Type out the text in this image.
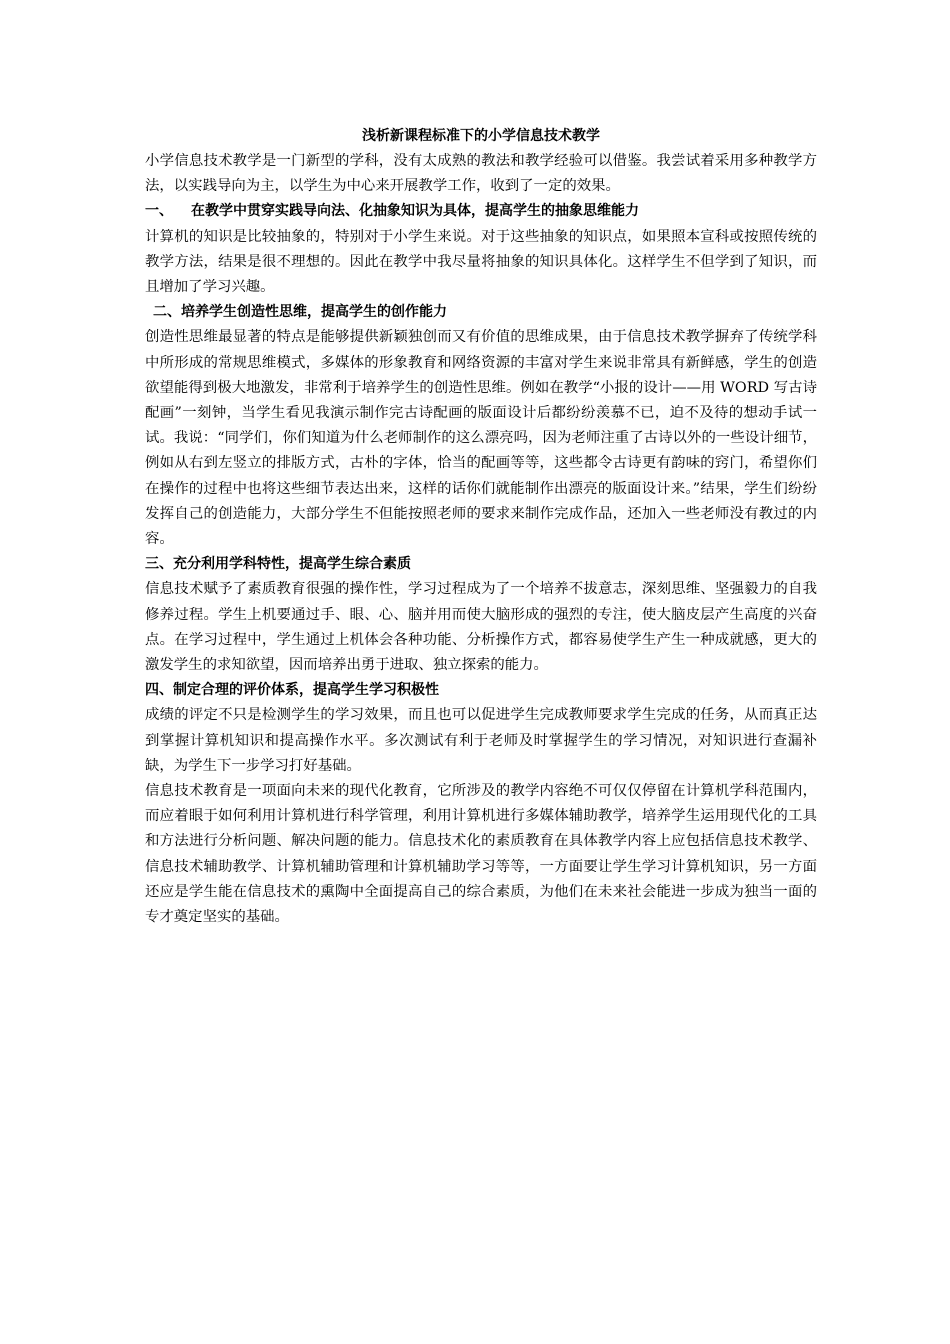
浅析新课程标准下的小学信息技术教学

小学信息技术教学是一门新型的学科，没有太成熟的教法和教学经验可以借鉴。我尝试着采用多种教学方法，以实践导向为主，以学生为中心来开展教学工作，收到了一定的效果。

一、 在教学中贯穿实践导向法、化抽象知识为具体，提高学生的抽象思维能力

计算机的知识是比较抽象的，特别对于小学生来说。对于这些抽象的知识点，如果照本宣科或按照传统的教学方法，结果是很不理想的。因此在教学中我尽量将抽象的知识具体化。这样学生不但学到了知识，而且增加了学习兴趣。

二、培养学生创造性思维，提高学生的创作能力

创造性思维最显著的特点是能够提供新颖独创而又有价值的思维成果，由于信息技术教学摒弃了传统学科中所形成的常规思维模式，多媒体的形象教育和网络资源的丰富对学生来说非常具有新鲜感，学生的创造欲望能得到极大地激发，非常利于培养学生的创造性思维。例如在教学“小报的设计——用 WORD 写古诗配画”一刻钟，当学生看见我演示制作完古诗配画的版面设计后都纷纷羡慕不已，迫不及待的想动手试一试。我说：“同学们，你们知道为什么老师制作的这么漂亮吗，因为老师注重了古诗以外的一些设计细节，例如从右到左竖立的排版方式，古朴的字体，恰当的配画等等，这些都令古诗更有韵味的窍门，希望你们在操作的过程中也将这些细节表达出来，这样的话你们就能制作出漂亮的版面设计来。”结果，学生们纷纷发挥自己的创造能力，大部分学生不但能按照老师的要求来制作完成作品，还加入一些老师没有教过的内容。

三、充分利用学科特性，提高学生综合素质

信息技术赋予了素质教育很强的操作性，学习过程成为了一个培养不拔意志，深刻思维、坚强毅力的自我修养过程。学生上机要通过手、眼、心、脑并用而使大脑形成的强烈的专注，使大脑皮层产生高度的兴奋点。在学习过程中，学生通过上机体会各种功能、分析操作方式，都容易使学生产生一种成就感，更大的激发学生的求知欲望，因而培养出勇于进取、独立探索的能力。

四、制定合理的评价体系，提高学生学习积极性

成绩的评定不只是检测学生的学习效果，而且也可以促进学生完成教师要求学生完成的任务，从而真正达到掌握计算机知识和提高操作水平。多次测试有利于老师及时掌握学生的学习情况，对知识进行查漏补缺，为学生下一步学习打好基础。

信息技术教育是一项面向未来的现代化教育，它所涉及的教学内容绝不可仅仅停留在计算机学科范围内，而应着眼于如何利用计算机进行科学管理，利用计算机进行多媒体辅助教学，培养学生运用现代化的工具和方法进行分析问题、解决问题的能力。信息技术化的素质教育在具体教学内容上应包括信息技术教学、信息技术辅助教学、计算机辅助管理和计算机辅助学习等等，一方面要让学生学习计算机知识，另一方面还应是学生能在信息技术的熏陶中全面提高自己的综合素质，为他们在未来社会能进一步成为独当一面的专才奠定坚实的基础。
